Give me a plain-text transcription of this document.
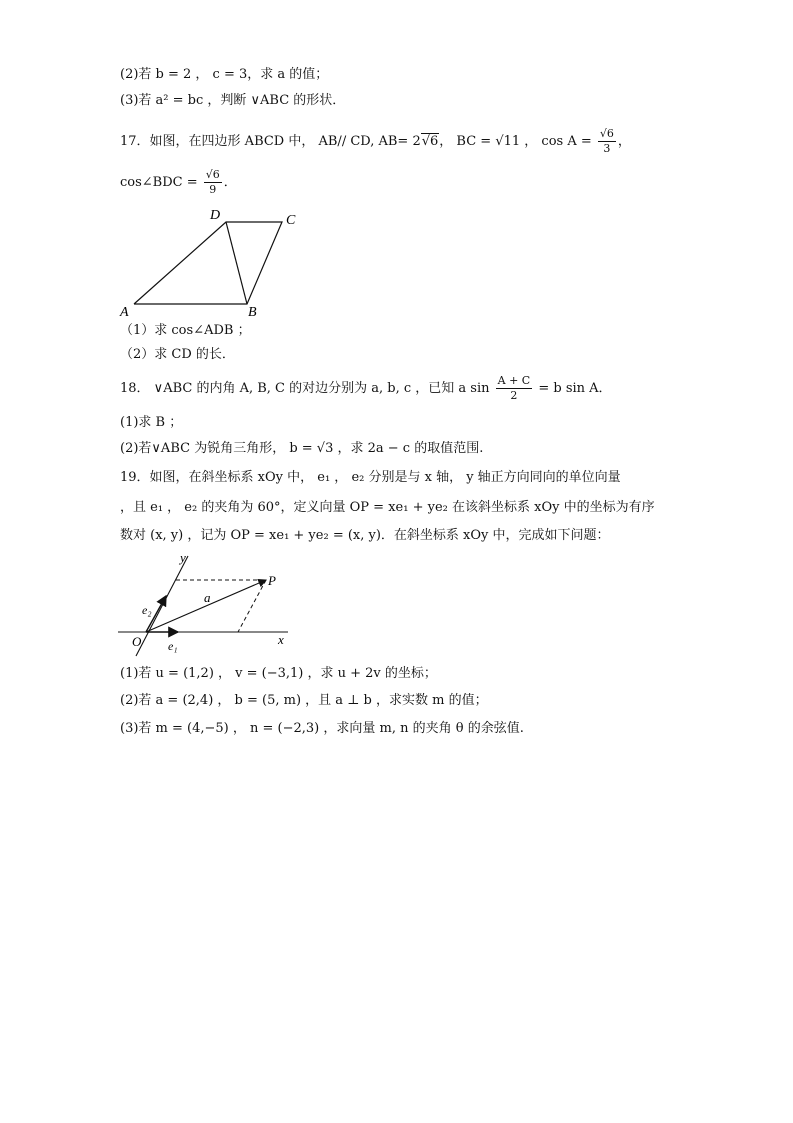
(2)若 b = 2 ， c = 3，求 a 的值；
(3)若 a² = bc ，判断 ∨ABC 的形状．
17．如图，在四边形 ABCD 中， AB// CD, AB= 2√6， BC = √11 ， $\cos A = \frac{√6}{3}$ ，
cos∠BDC = $\frac{√6}{9}$ ．
A	B
C
D
（1）求 cos∠ADB ；
（2）求 CD 的长．
18． ∨ABC 的内角 A, B, C 的对边分别为 a, b, c ，已知 a $\sin \frac{A + C}{2} = b$ sin A．
(1)求 B ；
(2)若∨ABC 为锐角三角形， b = √3 ，求 2a − c 的取值范围.
19．如图，在斜坐标系 xOy 中， e₁ ， e₂ 分别是与 x 轴， y 轴正方向同向的单位向量
，且 e₁ ， e₂ 的夹角为 60°，定义向量 OP = xe₁ + ye₂ 在该斜坐标系 xOy 中的坐标为有序
数对 (x, y) ，记为 OP = xe₁ + ye₂ = (x, y)．在斜坐标系 xOy 中，完成如下问题：
y
x
O
P
a
e₂
e₁
(1)若 u = (1,2) ， v = (−3,1) ，求 u + 2v 的坐标；
(2)若 a = (2,4) ， b = (5, m) ，且 a ⊥ b ，求实数 m 的值；
(3)若 m = (4,−5) ， n = (−2,3) ，求向量 m, n 的夹角 θ 的余弦值.
